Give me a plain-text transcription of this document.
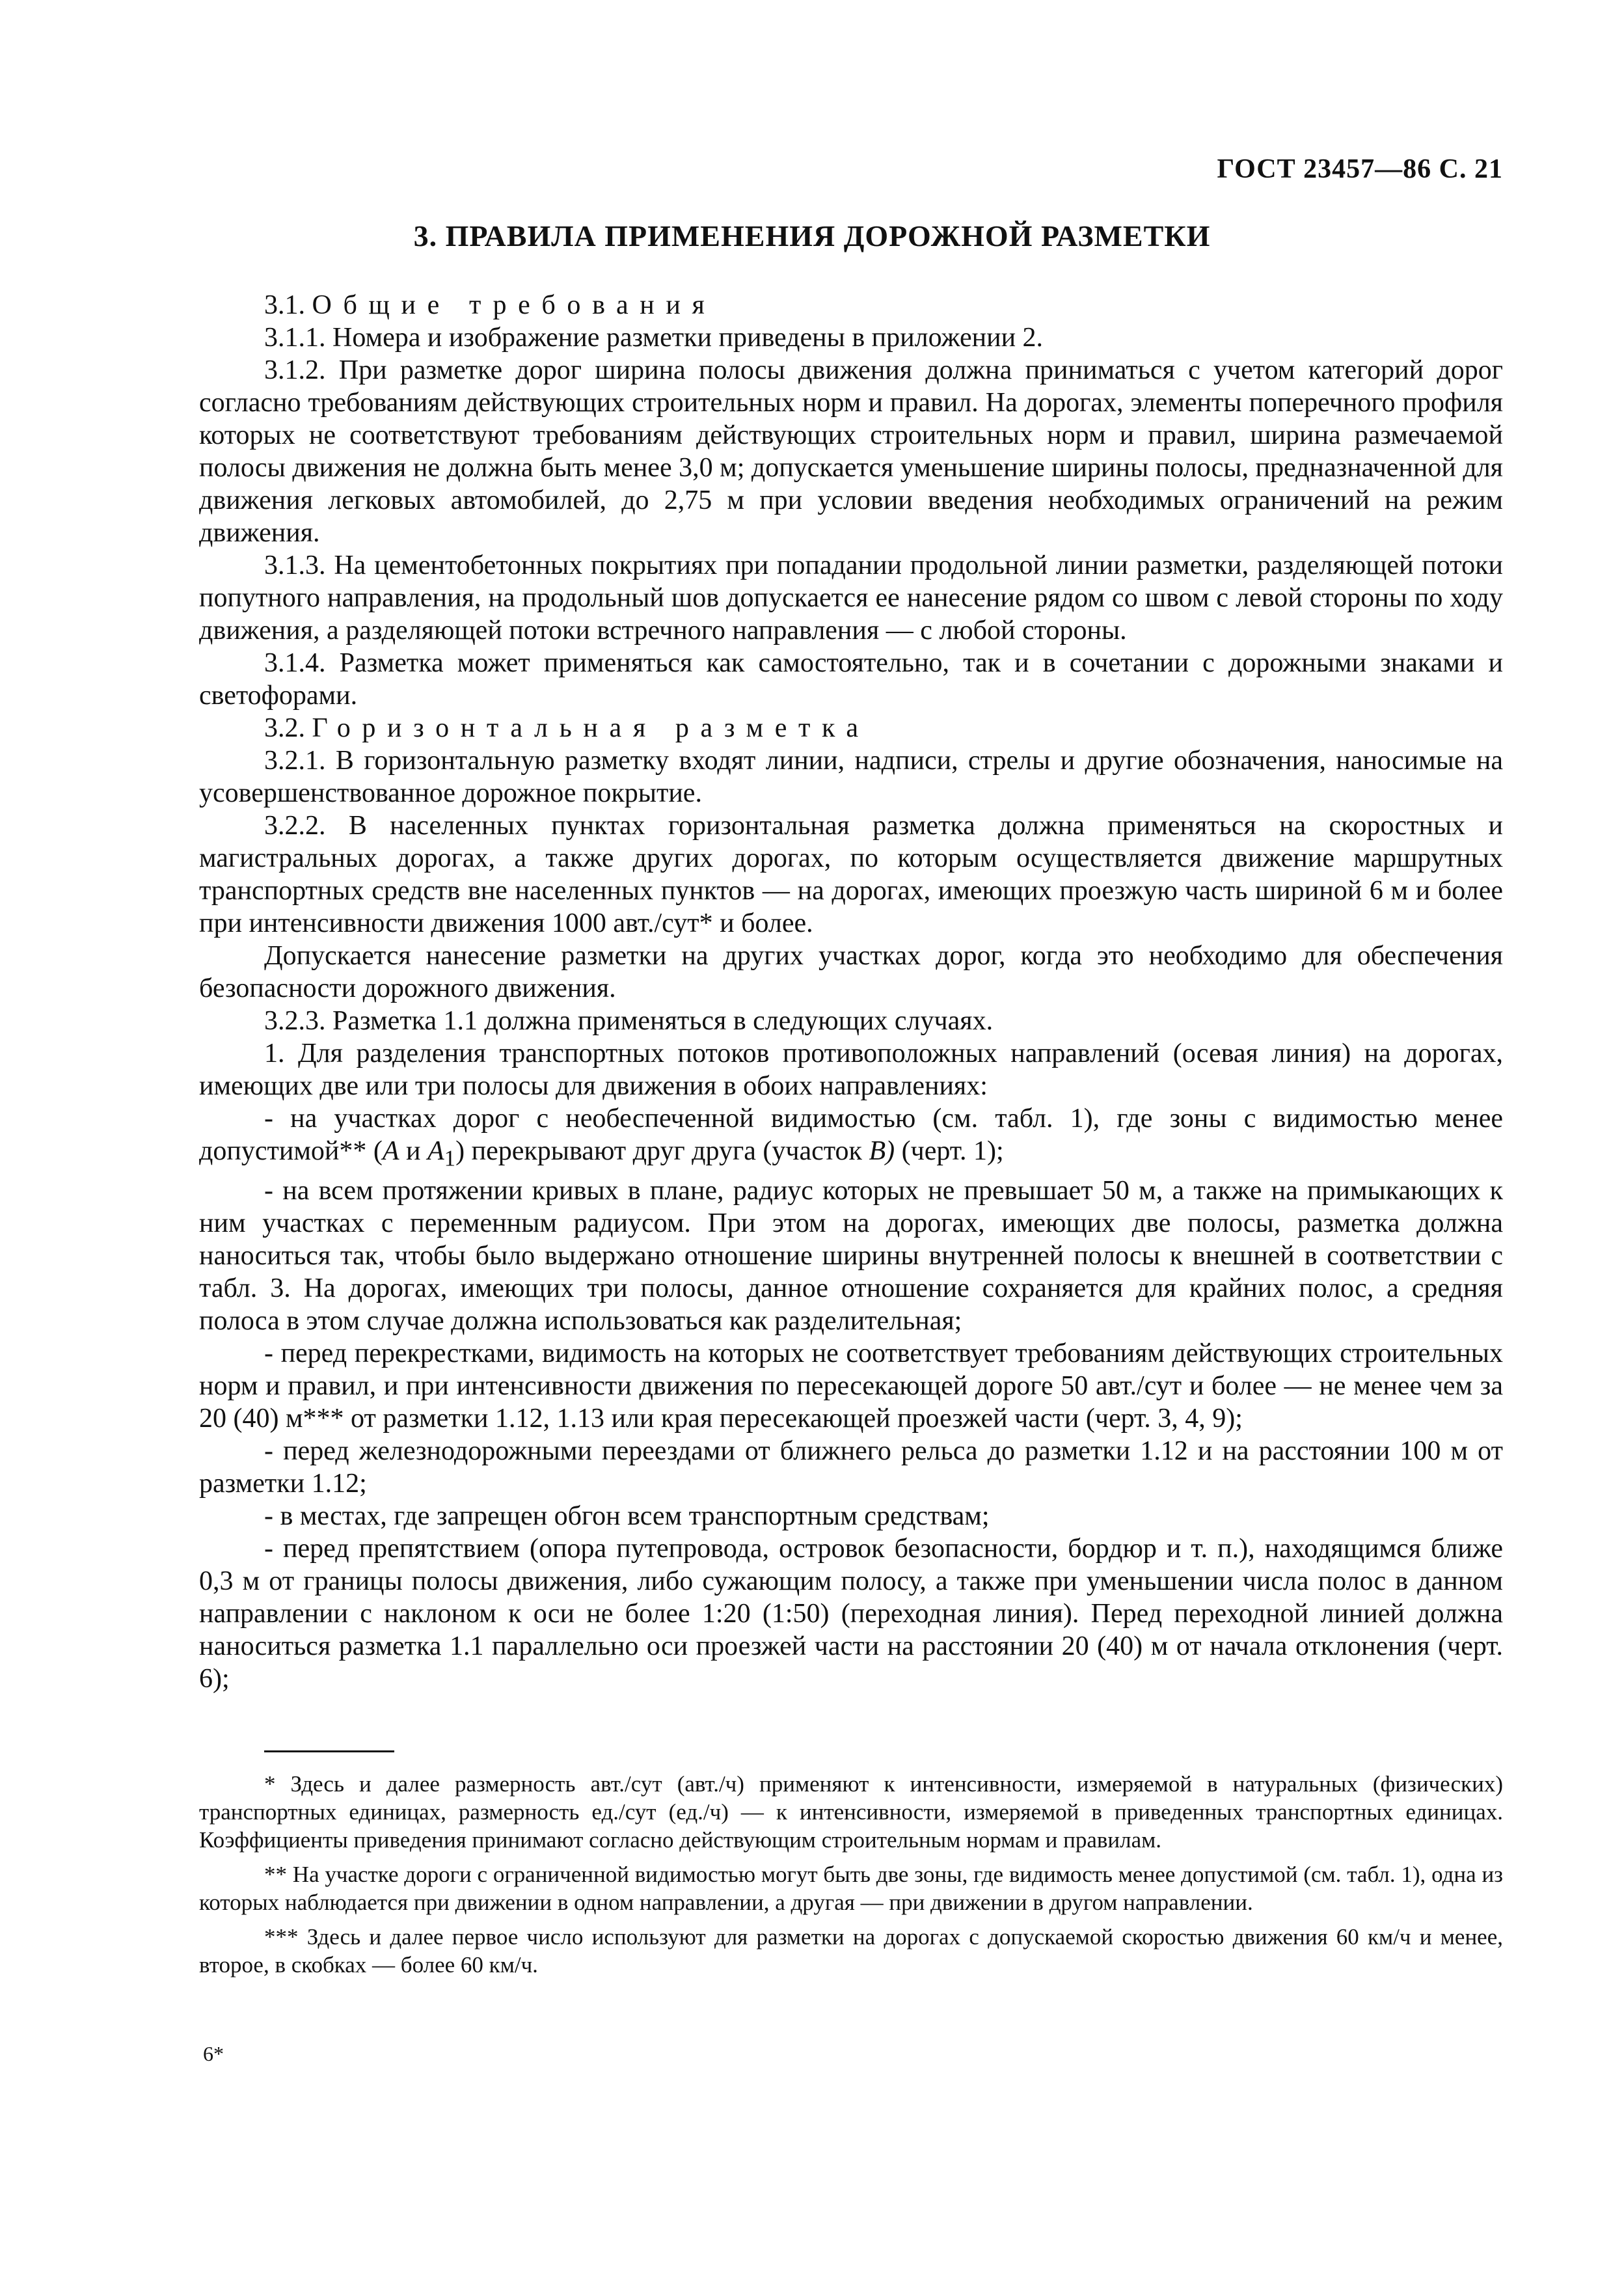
ГОСТ 23457—86 С. 21
3. ПРАВИЛА ПРИМЕНЕНИЯ ДОРОЖНОЙ РАЗМЕТКИ

3.1. Общие требования

3.1.1. Номера и изображение разметки приведены в приложении 2.

3.1.2. При разметке дорог ширина полосы движения должна приниматься с учетом категорий дорог согласно требованиям действующих строительных норм и правил. На дорогах, элементы поперечного профиля которых не соответствуют требованиям действующих строительных норм и правил, ширина размечаемой полосы движения не должна быть менее 3,0 м; допускается уменьшение ширины полосы, предназначенной для движения легковых автомобилей, до 2,75 м при условии введения необходимых ограничений на режим движения.

3.1.3. На цементобетонных покрытиях при попадании продольной линии разметки, разделяющей потоки попутного направления, на продольный шов допускается ее нанесение рядом со швом с левой стороны по ходу движения, а разделяющей потоки встречного направления — с любой стороны.

3.1.4. Разметка может применяться как самостоятельно, так и в сочетании с дорожными знаками и светофорами.

3.2. Горизонтальная разметка

3.2.1. В горизонтальную разметку входят линии, надписи, стрелы и другие обозначения, наносимые на усовершенствованное дорожное покрытие.

3.2.2. В населенных пунктах горизонтальная разметка должна применяться на скоростных и магистральных дорогах, а также других дорогах, по которым осуществляется движение маршрутных транспортных средств вне населенных пунктов — на дорогах, имеющих проезжую часть шириной 6 м и более при интенсивности движения 1000 авт./сут* и более.

Допускается нанесение разметки на других участках дорог, когда это необходимо для обеспечения безопасности дорожного движения.

3.2.3. Разметка 1.1 должна применяться в следующих случаях.

1. Для разделения транспортных потоков противоположных направлений (осевая линия) на дорогах, имеющих две или три полосы для движения в обоих направлениях:

- на участках дорог с необеспеченной видимостью (см. табл. 1), где зоны с видимостью менее допустимой** (А и $А_1$) перекрывают друг друга (участок В) (черт. 1);

- на всем протяжении кривых в плане, радиус которых не превышает 50 м, а также на примыкающих к ним участках с переменным радиусом. При этом на дорогах, имеющих две полосы, разметка должна наноситься так, чтобы было выдержано отношение ширины внутренней полосы к внешней в соответствии с табл. 3. На дорогах, имеющих три полосы, данное отношение сохраняется для крайних полос, а средняя полоса в этом случае должна использоваться как разделительная;

- перед перекрестками, видимость на которых не соответствует требованиям действующих строительных норм и правил, и при интенсивности движения по пересекающей дороге 50 авт./сут и более — не менее чем за 20 (40) м*** от разметки 1.12, 1.13 или края пересекающей проезжей части (черт. 3, 4, 9);

- перед железнодорожными переездами от ближнего рельса до разметки 1.12 и на расстоянии 100 м от разметки 1.12;

- в местах, где запрещен обгон всем транспортным средствам;

- перед препятствием (опора путепровода, островок безопасности, бордюр и т. п.), находящимся ближе 0,3 м от границы полосы движения, либо сужающим полосу, а также при уменьшении числа полос в данном направлении с наклоном к оси не более 1:20 (1:50) (переходная линия). Перед переходной линией должна наноситься разметка 1.1 параллельно оси проезжей части на расстоянии 20 (40) м от начала отклонения (черт. 6);

* Здесь и далее размерность авт./сут (авт./ч) применяют к интенсивности, измеряемой в натуральных (физических) транспортных единицах, размерность ед./сут (ед./ч) — к интенсивности, измеряемой в приведенных транспортных единицах. Коэффициенты приведения принимают согласно действующим строительным нормам и правилам.

** На участке дороги с ограниченной видимостью могут быть две зоны, где видимость менее допустимой (см. табл. 1), одна из которых наблюдается при движении в одном направлении, а другая — при движении в другом направлении.

*** Здесь и далее первое число используют для разметки на дорогах с допускаемой скоростью движения 60 км/ч и менее, второе, в скобках — более 60 км/ч.

6*
